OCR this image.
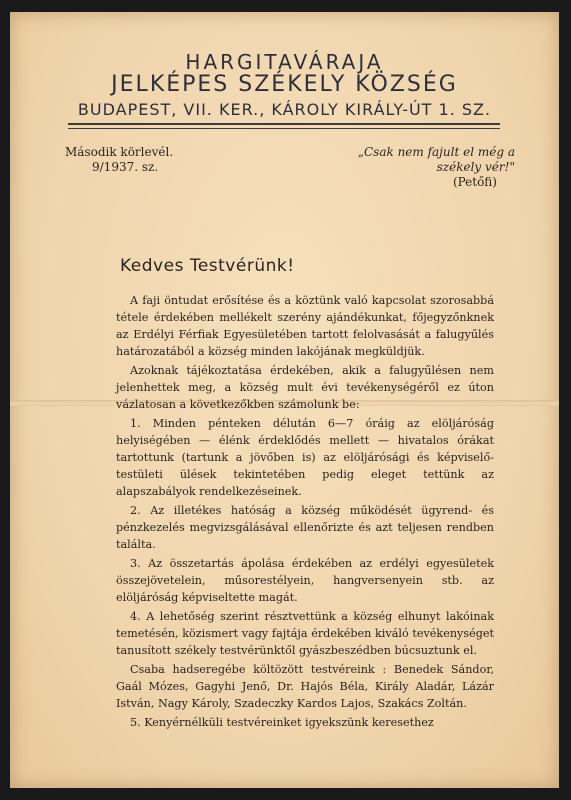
HARGITAVÁRAJA
JELKÉPES SZÉKELY KÖZSÉG
BUDAPEST, VII. KER., KÁROLY KIRÁLY-ÚT 1. SZ.
Második körlevél.
9/1937. sz.
„Csak nem fajult el még a székely vér!"
(Petőfi)
Kedves Testvérünk!

A faji öntudat erősítése és a köztünk való kapcsolat szorosabbá tétele érdekében mellékelt szerény ajándékunkat, főjegyzőnknek az Erdélyi Férfiak Egyesületében tartott felolvasását a falugyűlés határozatából a község minden lakójának megküldjük.

Azoknak tájékoztatása érdekében, akik a falugyűlésen nem jelenhettek meg, a község mult évi tevékenységéről ez úton vázlatosan a következőkben számolunk be:

1. Minden pénteken délután 6—7 óráig az elöljáróság helyiségében — élénk érdeklődés mellett — hivatalos órákat tartottunk (tartunk a jövőben is) az elöljárósági és képviselő-testületi ülések tekintetében pedig eleget tettünk az alapszabályok rendelkezéseinek.

2. Az illetékes hatóság a község működését ügyrend- és pénzkezelés megvizsgálásával ellenőrizte és azt teljesen rendben találta.

3. Az összetartás ápolása érdekében az erdélyi egyesületek összejövetelein, műsorestélyein, hangversenyein stb. az elöljáróság képviseltette magát.

4. A lehetőség szerint résztvettünk a község elhunyt lakóinak temetésén, közismert vagy fajtája érdekében kiváló tevékenységet tanusított székely testvérünktől gyászbeszédben búcsuztunk el.

Csaba hadseregébe költözött testvéreink : Benedek Sándor, Gaál Mózes, Gagyhi Jenő, Dr. Hajós Béla, Király Aladár, Lázár István, Nagy Károly, Szadeczky Kardos Lajos, Szakács Zoltán.

5. Kenyérnélküli testvéreinket igyekszünk keresethez
